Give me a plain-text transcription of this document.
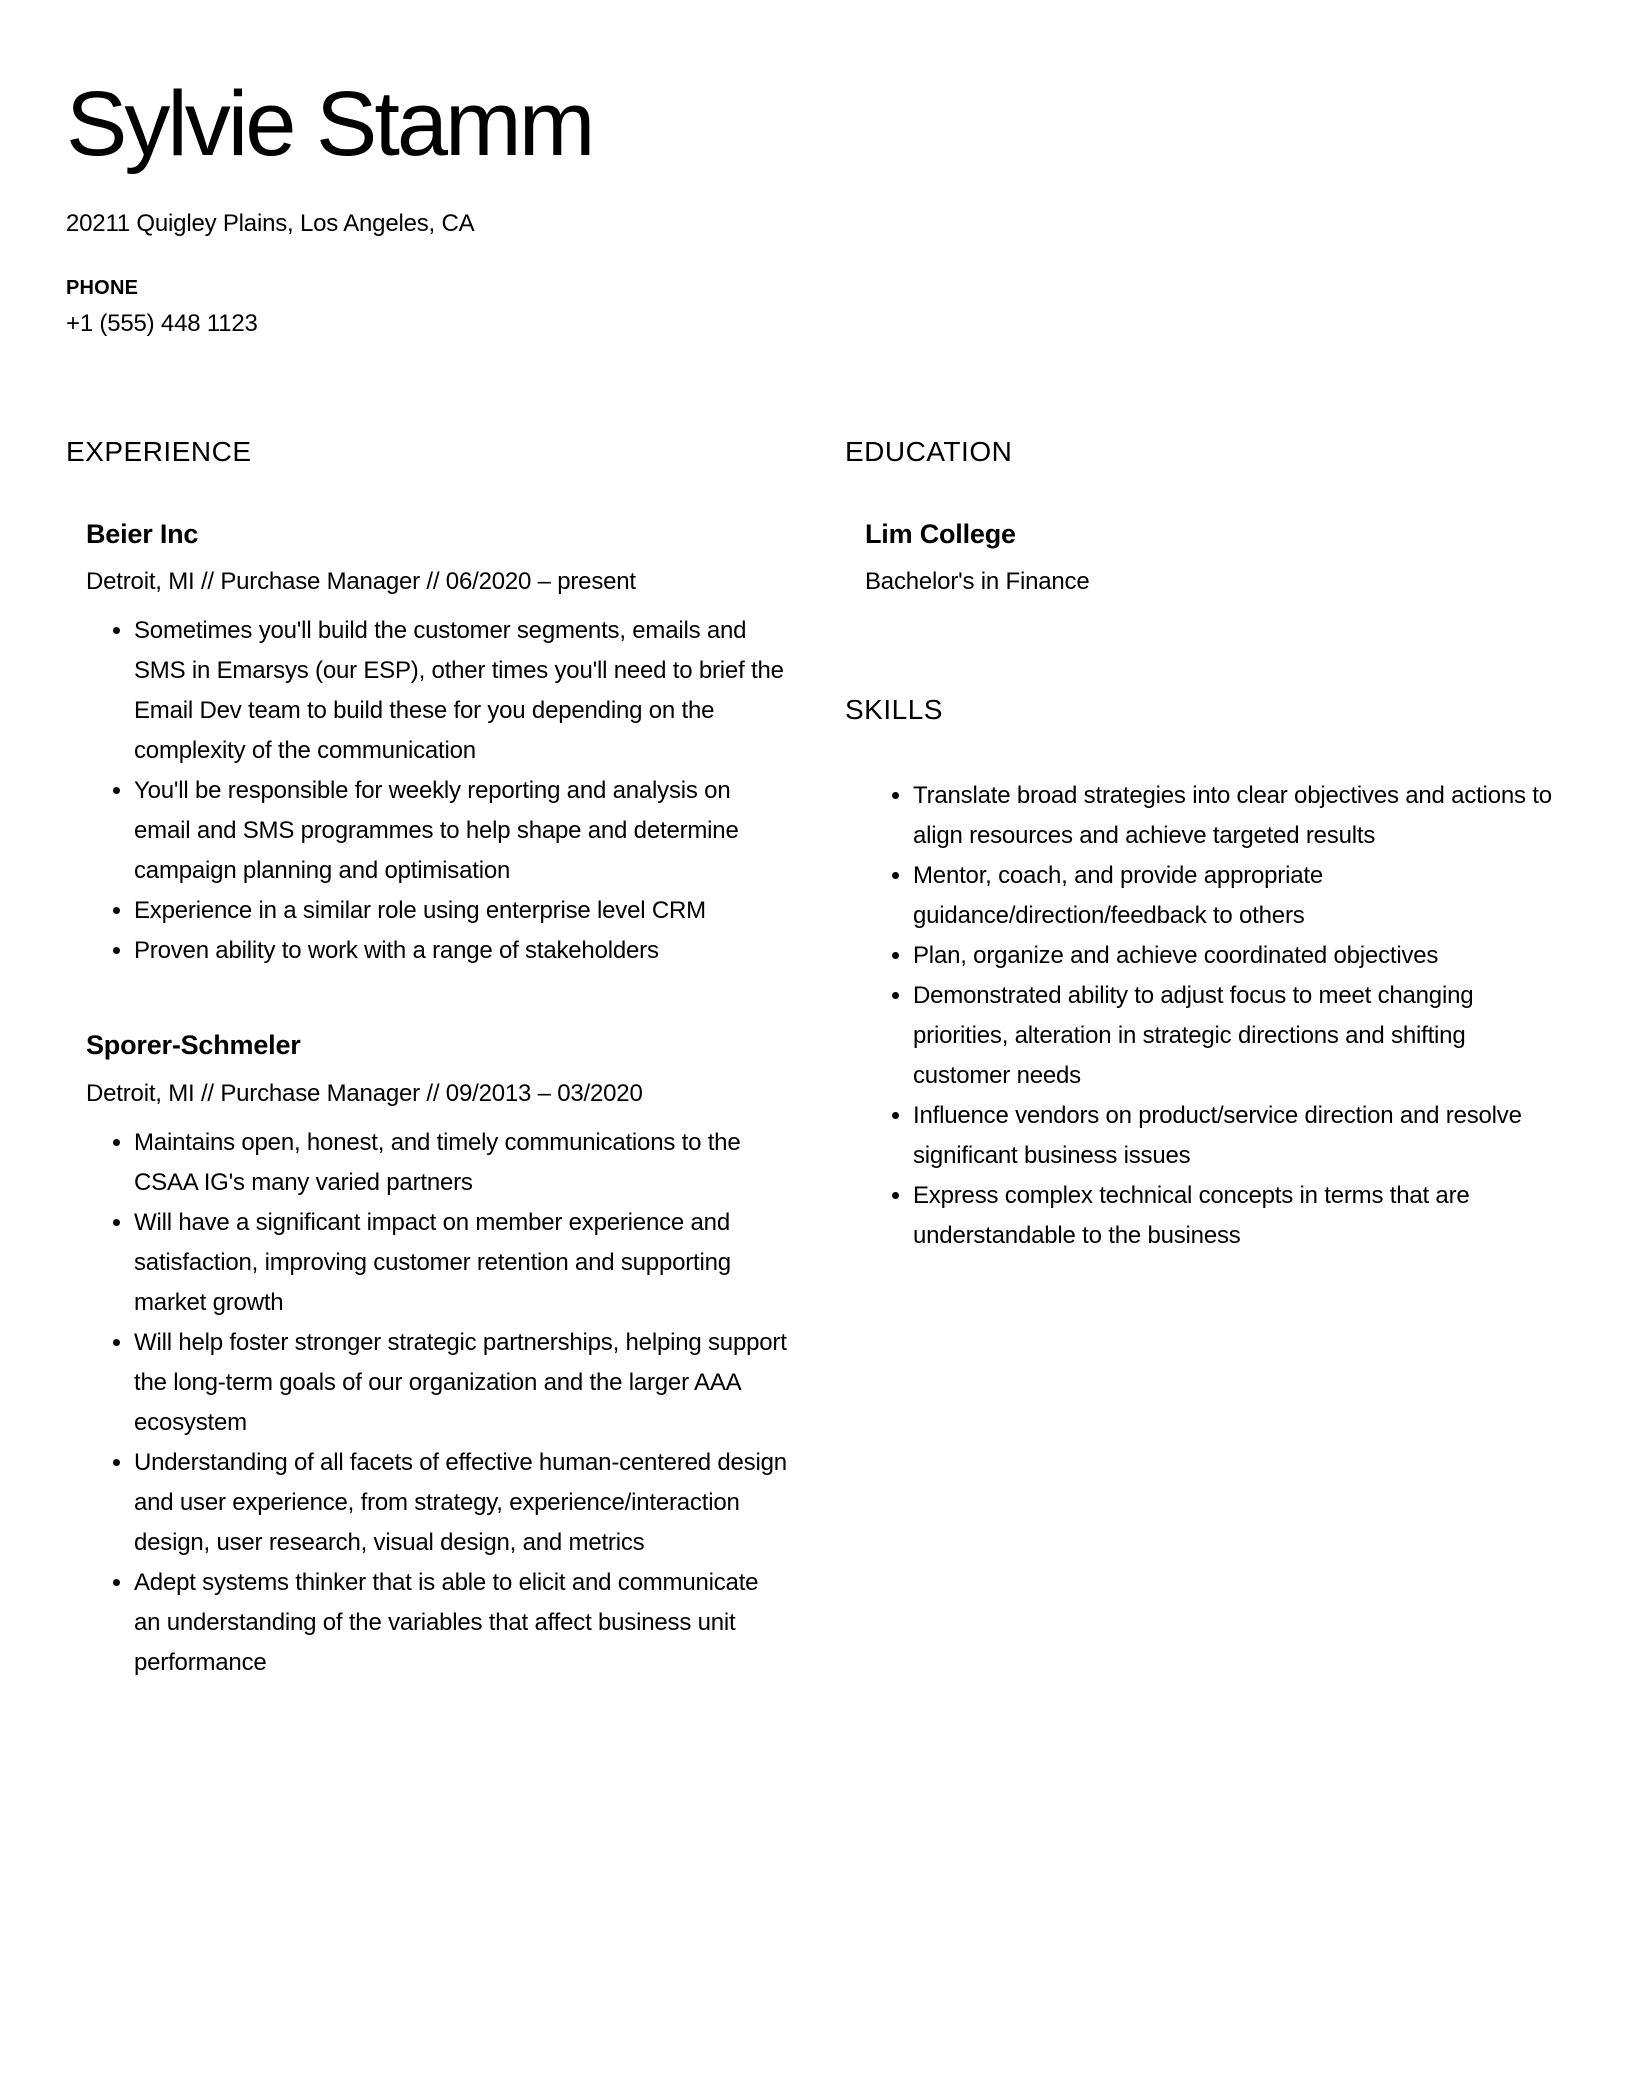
Sylvie Stamm

20211 Quigley Plains, Los Angeles, CA

PHONE

+1 (555) 448 1123

EXPERIENCE
Beier Inc

Detroit, MI // Purchase Manager // 06/2020 – present

• Sometimes you'll build the customer segments, emails and SMS in Emarsys (our ESP), other times you'll need to brief the Email Dev team to build these for you depending on the complexity of the communication
• You'll be responsible for weekly reporting and analysis on email and SMS programmes to help shape and determine campaign planning and optimisation
• Experience in a similar role using enterprise level CRM
• Proven ability to work with a range of stakeholders
Sporer-Schmeler

Detroit, MI // Purchase Manager // 09/2013 – 03/2020

• Maintains open, honest, and timely communications to the CSAA IG's many varied partners
• Will have a significant impact on member experience and satisfaction, improving customer retention and supporting market growth
• Will help foster stronger strategic partnerships, helping support the long-term goals of our organization and the larger AAA ecosystem
• Understanding of all facets of effective human-centered design and user experience, from strategy, experience/interaction design, user research, visual design, and metrics
• Adept systems thinker that is able to elicit and communicate an understanding of the variables that affect business unit performance
EDUCATION
Lim College

Bachelor's in Finance

SKILLS
• Translate broad strategies into clear objectives and actions to align resources and achieve targeted results
• Mentor, coach, and provide appropriate guidance/direction/feedback to others
• Plan, organize and achieve coordinated objectives
• Demonstrated ability to adjust focus to meet changing priorities, alteration in strategic directions and shifting customer needs
• Influence vendors on product/service direction and resolve significant business issues
• Express complex technical concepts in terms that are understandable to the business
